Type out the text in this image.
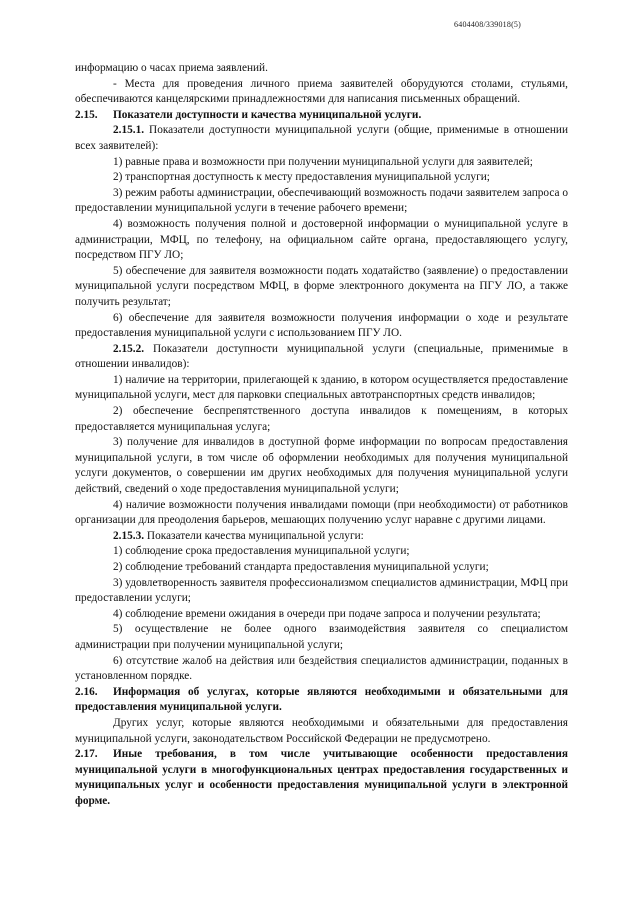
6404408/339018(5)

информацию о часах приема заявлений.

- Места для проведения личного приема заявителей оборудуются столами, стульями, обеспечиваются канцелярскими принадлежностями для написания письменных обращений.

2.15. Показатели доступности и качества муниципальной услуги.

2.15.1. Показатели доступности муниципальной услуги (общие, применимые в отношении всех заявителей):

1) равные права и возможности при получении муниципальной услуги для заявителей;

2) транспортная доступность к месту предоставления муниципальной услуги;

3) режим работы администрации, обеспечивающий возможность подачи заявителем запроса о предоставлении муниципальной услуги в течение рабочего времени;

4) возможность получения полной и достоверной информации о муниципальной услуге в администрации, МФЦ, по телефону, на официальном сайте органа, предоставляющего услугу, посредством ПГУ ЛО;

5) обеспечение для заявителя возможности подать ходатайство (заявление) о предоставлении муниципальной услуги посредством МФЦ, в форме электронного документа на ПГУ ЛО, а также получить результат;

6) обеспечение для заявителя возможности получения информации о ходе и результате предоставления муниципальной услуги с использованием ПГУ ЛО.

2.15.2. Показатели доступности муниципальной услуги (специальные, применимые в отношении инвалидов):

1) наличие на территории, прилегающей к зданию, в котором осуществляется предоставление муниципальной услуги, мест для парковки специальных автотранспортных средств инвалидов;

2) обеспечение беспрепятственного доступа инвалидов к помещениям, в которых предоставляется муниципальная услуга;

3) получение для инвалидов в доступной форме информации по вопросам предоставления муниципальной услуги, в том числе об оформлении необходимых для получения муниципальной услуги документов, о совершении им других необходимых для получения муниципальной услуги действий, сведений о ходе предоставления муниципальной услуги;

4) наличие возможности получения инвалидами помощи (при необходимости) от работников организации для преодоления барьеров, мешающих получению услуг наравне с другими лицами.

2.15.3. Показатели качества муниципальной услуги:

1) соблюдение срока предоставления муниципальной услуги;

2) соблюдение требований стандарта предоставления муниципальной услуги;

3) удовлетворенность заявителя профессионализмом специалистов администрации, МФЦ при предоставлении услуги;

4) соблюдение времени ожидания в очереди при подаче запроса и получении результата;

5) осуществление не более одного взаимодействия заявителя со специалистом администрации при получении муниципальной услуги;

6) отсутствие жалоб на действия или бездействия специалистов администрации, поданных в установленном порядке.

2.16. Информация об услугах, которые являются необходимыми и обязательными для предоставления муниципальной услуги.

Других услуг, которые являются необходимыми и обязательными для предоставления муниципальной услуги, законодательством Российской Федерации не предусмотрено.

2.17. Иные требования, в том числе учитывающие особенности предоставления муниципальной услуги в многофункциональных центрах предоставления государственных и муниципальных услуг и особенности предоставления муниципальной услуги в электронной форме.
